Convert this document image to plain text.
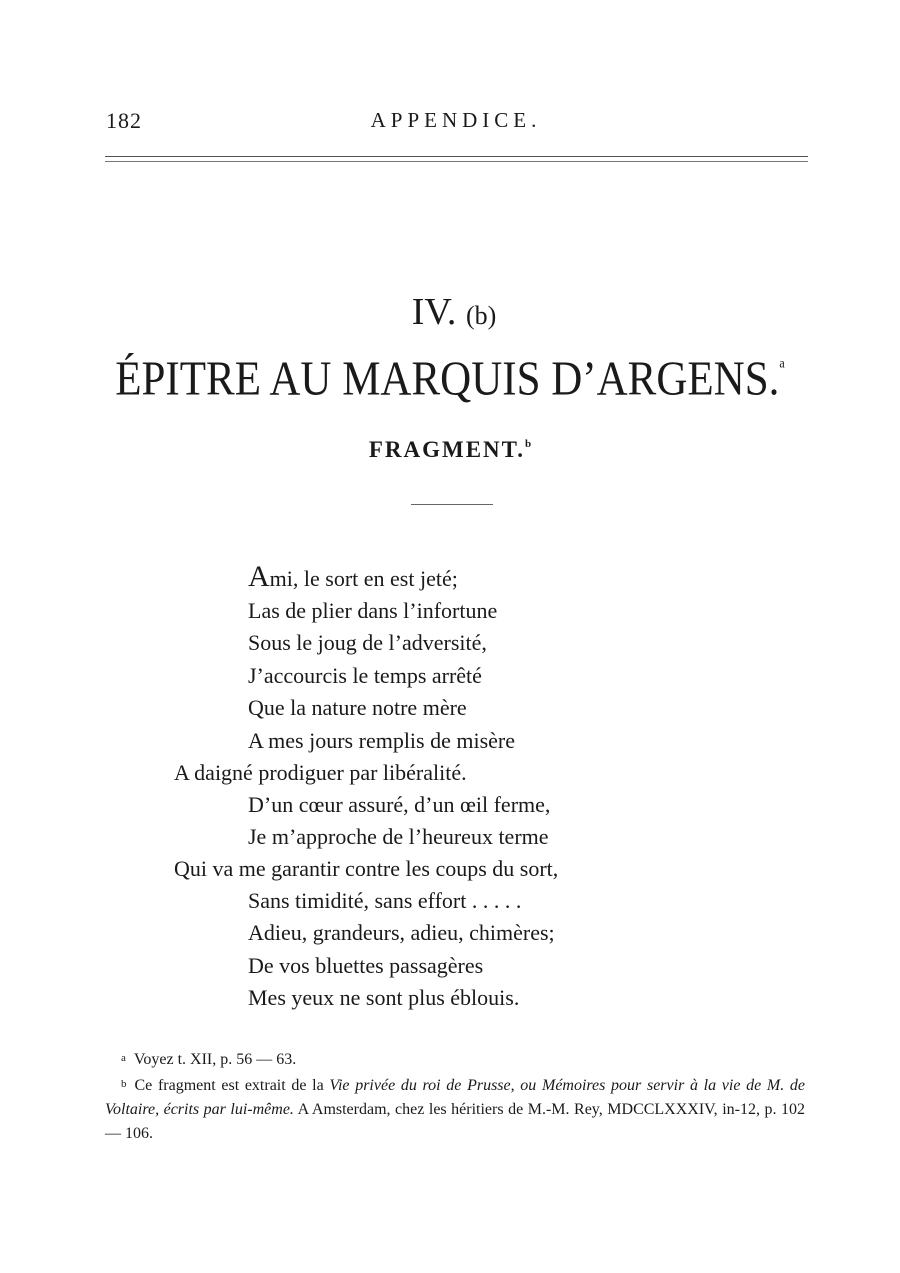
182	APPENDICE.
IV. (b)
ÉPITRE AU MARQUIS D’ARGENS.$^a$
FRAGMENT.$^b$
Ami, le sort en est jeté;
Las de plier dans l’infortune
Sous le joug de l’adversité,
J’accourcis le temps arrêté
Que la nature notre mère
A mes jours remplis de misère
A daigné prodiguer par libéralité.
D’un cœur assuré, d’un œil ferme,
Je m’approche de l’heureux terme
Qui va me garantir contre les coups du sort,
Sans timidité, sans effort . . . . .
Adieu, grandeurs, adieu, chimères;
De vos bluettes passagères
Mes yeux ne sont plus éblouis.

a Voyez t. XII, p. 56 — 63.

b Ce fragment est extrait de la Vie privée du roi de Prusse, ou Mémoires pour servir à la vie de M. de Voltaire, écrits par lui-même. A Amsterdam, chez les héritiers de M.-M. Rey, MDCCLXXXIV, in-12, p. 102 — 106.
